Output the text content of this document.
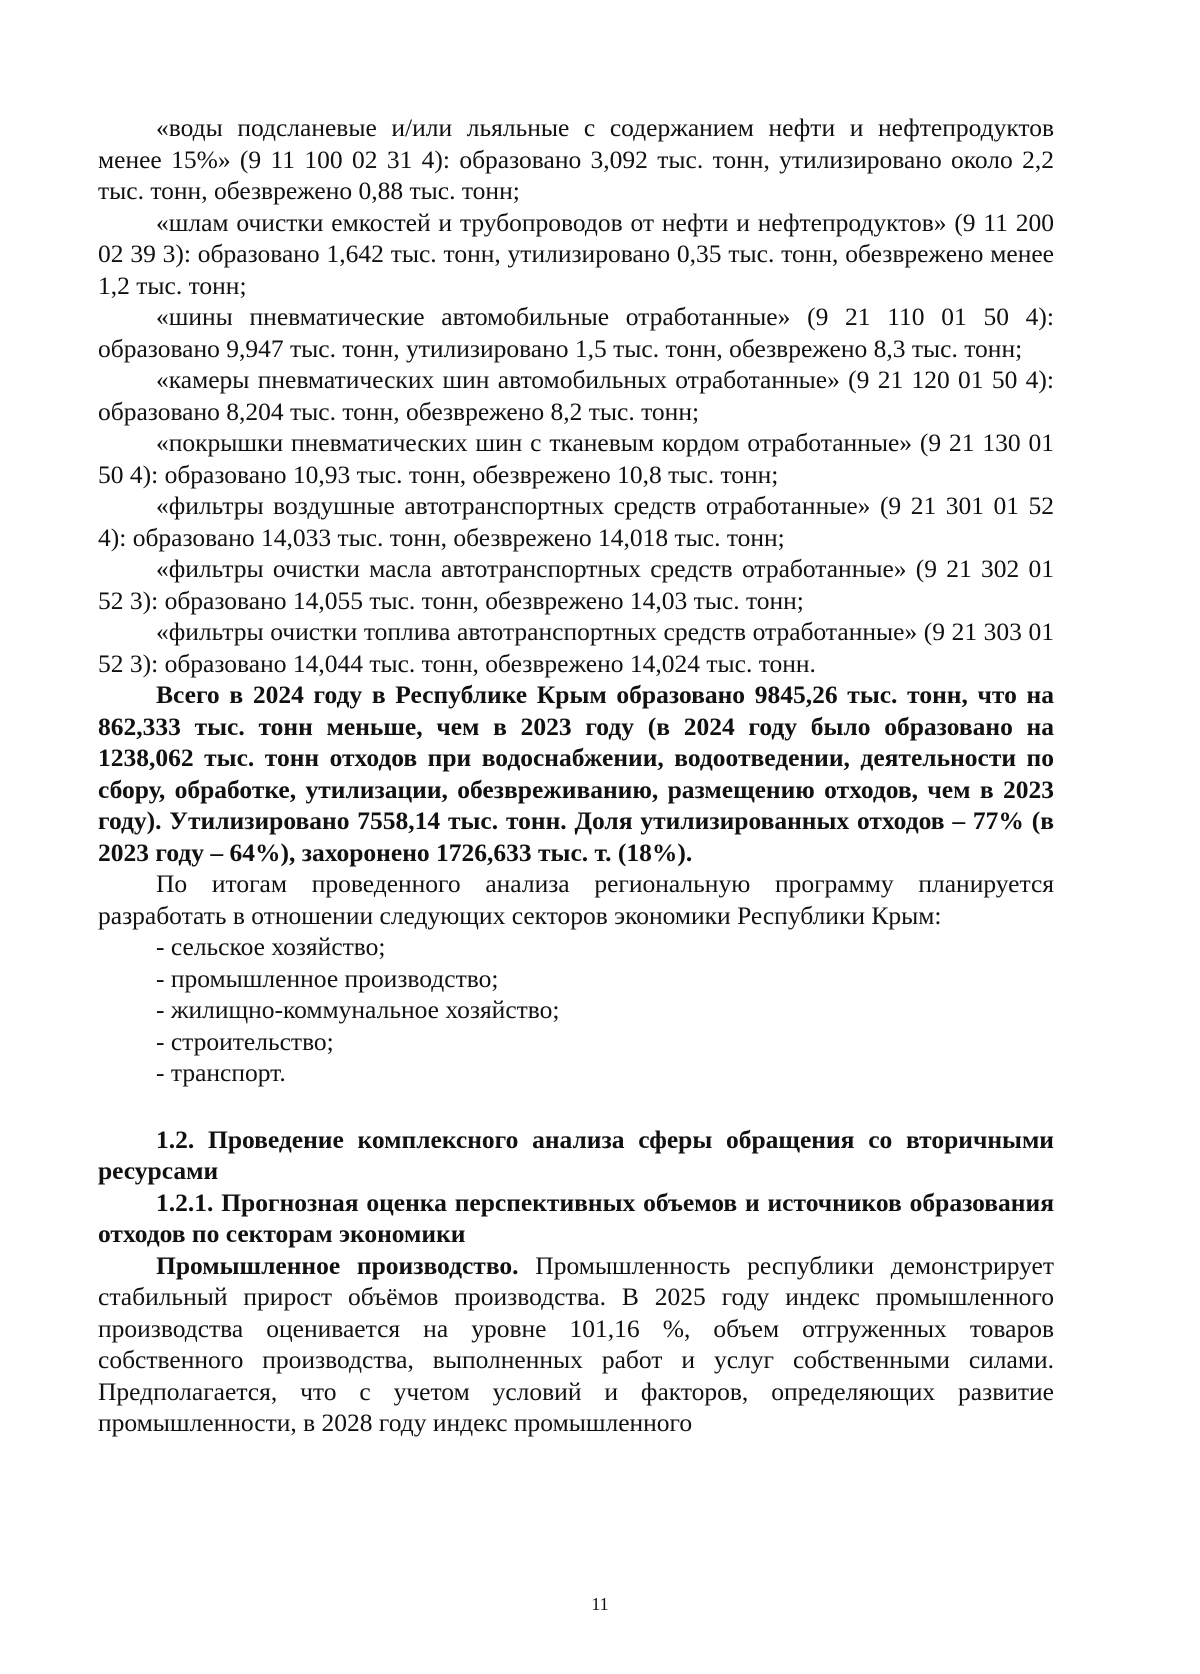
«воды подсланевые и/или льяльные с содержанием нефти и нефтепродуктов менее 15%» (9 11 100 02 31 4): образовано 3,092 тыс. тонн, утилизировано около 2,2 тыс. тонн, обезврежено 0,88 тыс. тонн;

«шлам очистки емкостей и трубопроводов от нефти и нефтепродуктов» (9 11 200 02 39 3): образовано 1,642 тыс. тонн, утилизировано 0,35 тыс. тонн, обезврежено менее 1,2 тыс. тонн;

«шины пневматические автомобильные отработанные» (9 21 110 01 50 4): образовано 9,947 тыс. тонн, утилизировано 1,5 тыс. тонн, обезврежено 8,3 тыс. тонн;

«камеры пневматических шин автомобильных отработанные» (9 21 120 01 50 4): образовано 8,204 тыс. тонн, обезврежено 8,2 тыс. тонн;

«покрышки пневматических шин с тканевым кордом отработанные» (9 21 130 01 50 4): образовано 10,93 тыс. тонн, обезврежено 10,8 тыс. тонн;

«фильтры воздушные автотранспортных средств отработанные» (9 21 301 01 52 4): образовано 14,033 тыс. тонн, обезврежено 14,018 тыс. тонн;

«фильтры очистки масла автотранспортных средств отработанные» (9 21 302 01 52 3): образовано 14,055 тыс. тонн, обезврежено 14,03 тыс. тонн;

«фильтры очистки топлива автотранспортных средств отработанные» (9 21 303 01 52 3): образовано 14,044 тыс. тонн, обезврежено 14,024 тыс. тонн.

Всего в 2024 году в Республике Крым образовано 9845,26 тыс. тонн, что на 862,333 тыс. тонн меньше, чем в 2023 году (в 2024 году было образовано на 1238,062 тыс. тонн отходов при водоснабжении, водоотведении, деятельности по сбору, обработке, утилизации, обезвреживанию, размещению отходов, чем в 2023 году). Утилизировано 7558,14 тыс. тонн. Доля утилизированных отходов – 77% (в 2023 году – 64%), захоронено 1726,633 тыс. т. (18%).

По итогам проведенного анализа региональную программу планируется разработать в отношении следующих секторов экономики Республики Крым:

- сельское хозяйство;
- промышленное производство;
- жилищно-коммунальное хозяйство;
- строительство;
- транспорт.

1.2. Проведение комплексного анализа сферы обращения со вторичными ресурсами

1.2.1. Прогнозная оценка перспективных объемов и источников образования отходов по секторам экономики

Промышленное производство. Промышленность республики демонстрирует стабильный прирост объёмов производства. В 2025 году индекс промышленного производства оценивается на уровне 101,16 %, объем отгруженных товаров собственного производства, выполненных работ и услуг собственными силами. Предполагается, что с учетом условий и факторов, определяющих развитие промышленности, в 2028 году индекс промышленного

11
